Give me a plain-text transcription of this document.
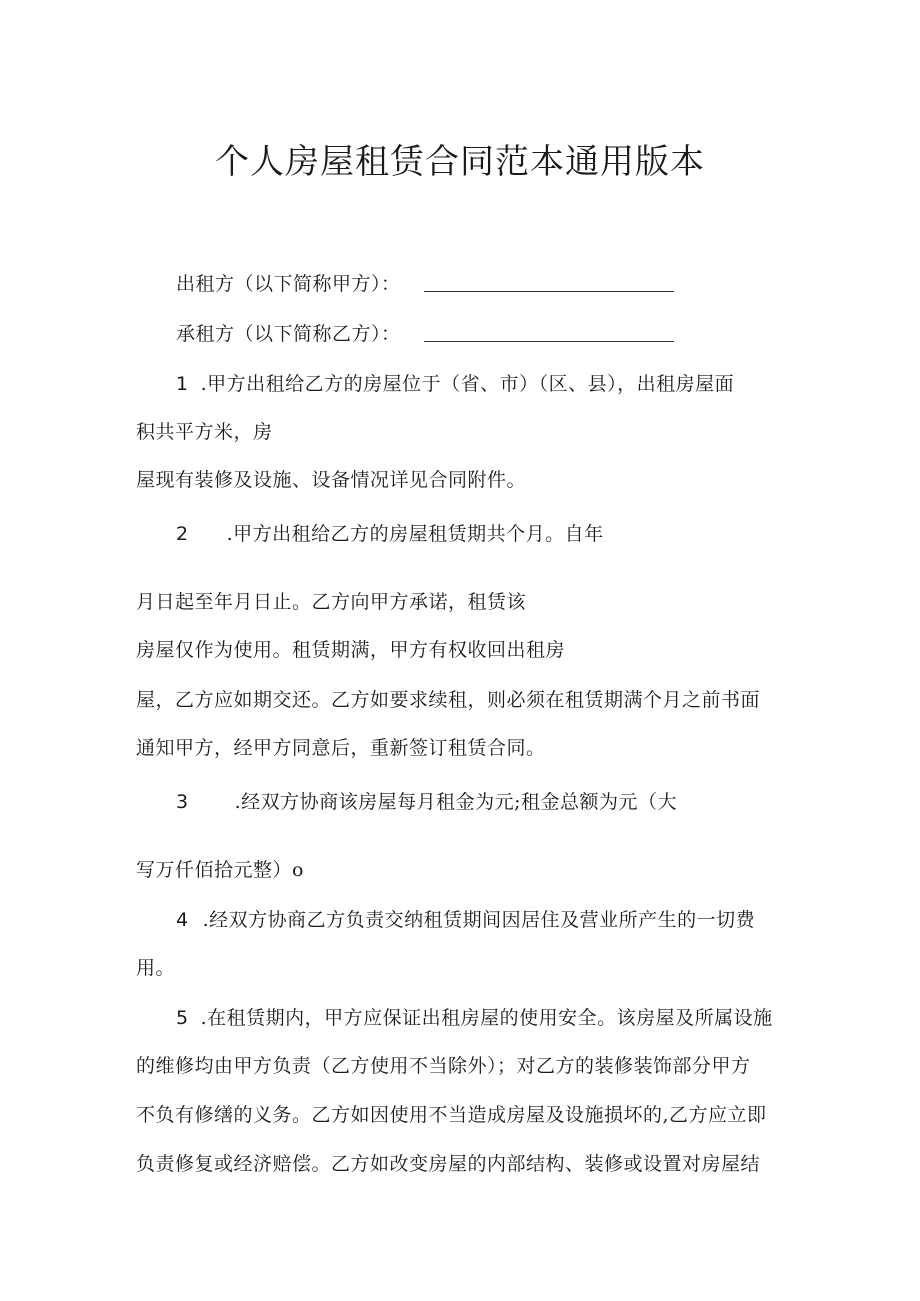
个人房屋租赁合同范本通用版本
出租方（以下简称甲方）：
承租方（以下简称乙方）：
1 .甲方出租给乙方的房屋位于（省、市）（区、县），出租房屋面
积共平方米，房
屋现有装修及设施、设备情况详见合同附件。
2 .甲方出租给乙方的房屋租赁期共个月。自年
月日起至年月日止。乙方向甲方承诺，租赁该
房屋仅作为使用。租赁期满，甲方有权收回出租房
屋，乙方应如期交还。乙方如要求续租，则必须在租赁期满个月之前书面
通知甲方，经甲方同意后，重新签订租赁合同。
3 .经双方协商该房屋每月租金为元;租金总额为元（大
写万仟佰拾元整）o
4 .经双方协商乙方负责交纳租赁期间因居住及营业所产生的一切费
用。
5 .在租赁期内，甲方应保证出租房屋的使用安全。该房屋及所属设施
的维修均由甲方负责（乙方使用不当除外）；对乙方的装修装饰部分甲方
不负有修缮的义务。乙方如因使用不当造成房屋及设施损坏的,乙方应立即
负责修复或经济赔偿。乙方如改变房屋的内部结构、装修或设置对房屋结
